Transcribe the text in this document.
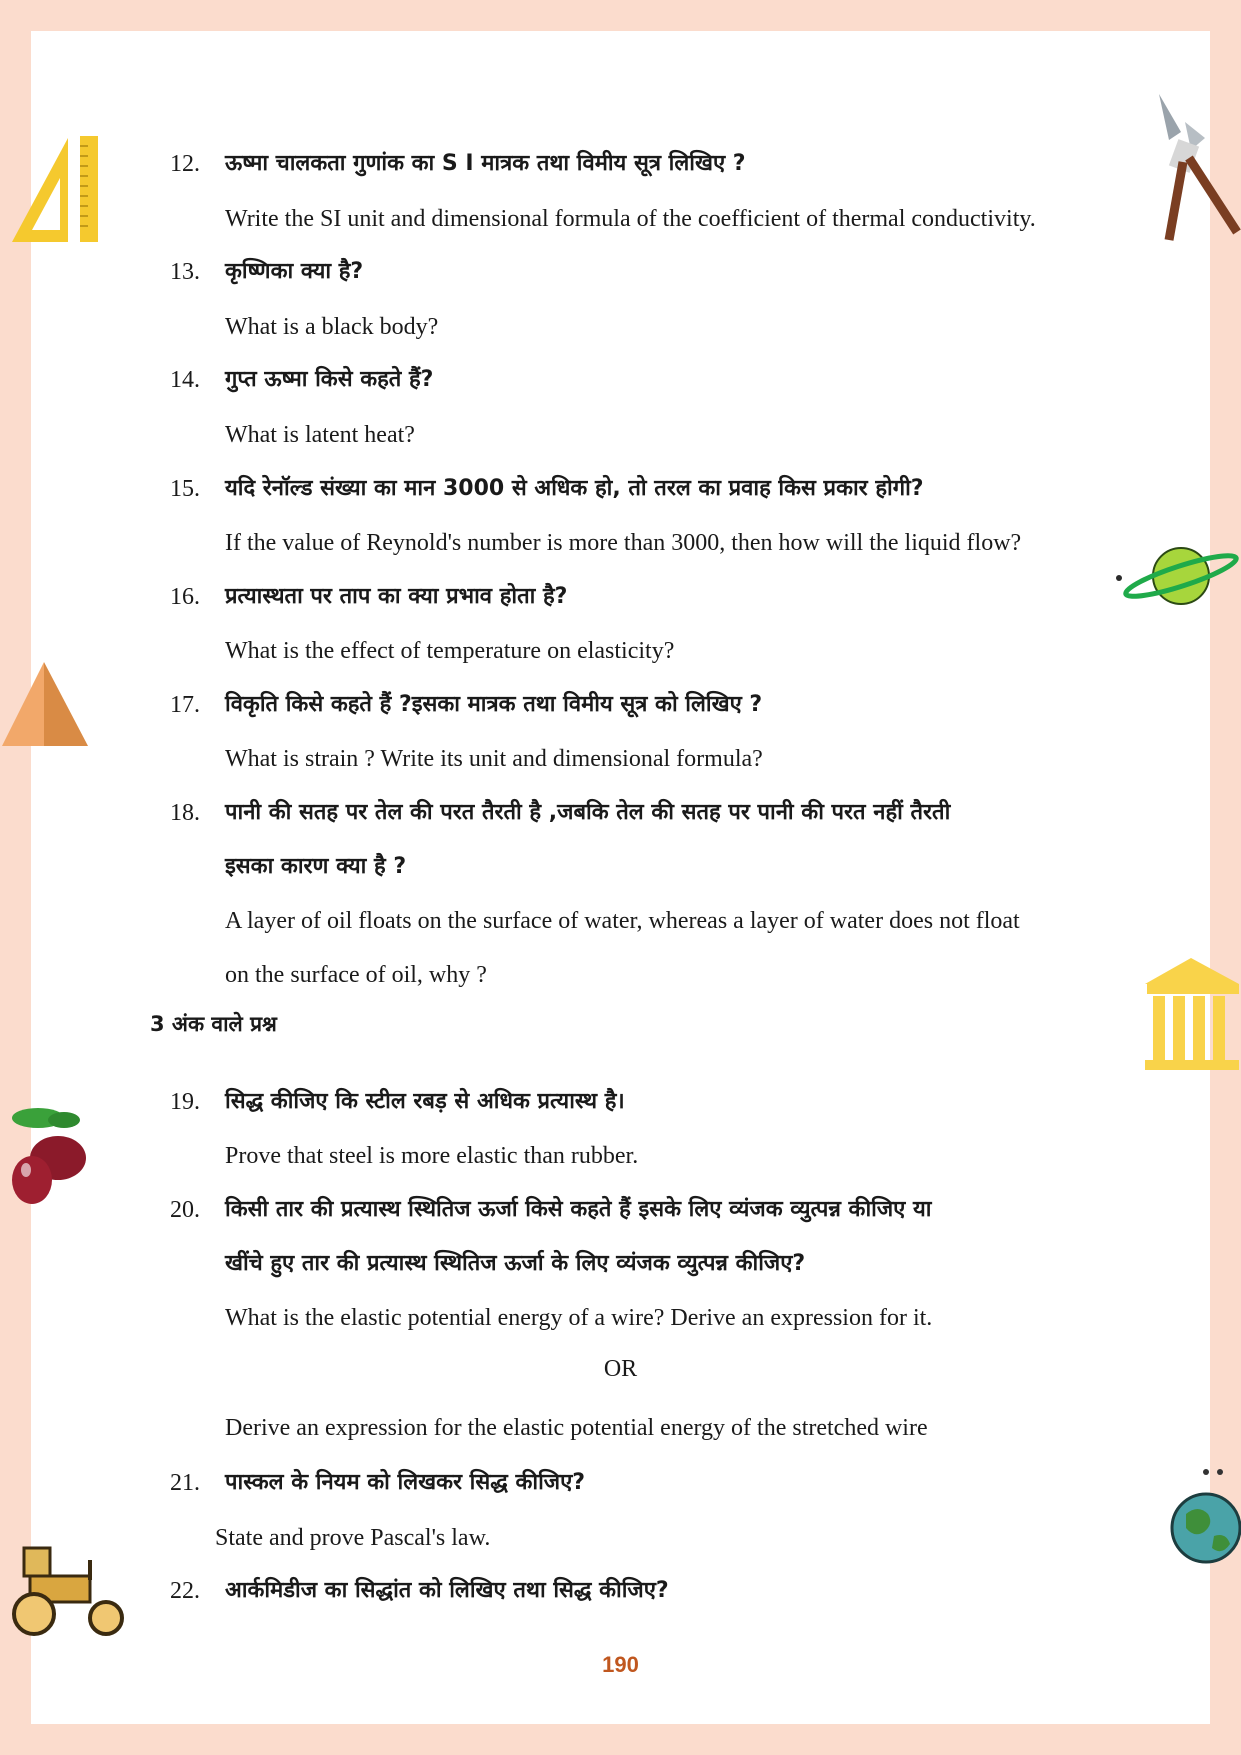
12. ऊष्मा चालकता गुणांक का S I मात्रक तथा विमीय सूत्र लिखिए ?
Write the SI unit and dimensional formula of the coefficient of thermal conductivity.
13. कृष्णिका क्या है?
What is a black body?
14. गुप्त ऊष्मा किसे कहते हैं?
What is latent heat?
15. यदि रेनॉल्ड संख्या का मान 3000 से अधिक हो, तो तरल का प्रवाह किस प्रकार होगी?
If the value of Reynold's number is more than 3000, then how will the liquid flow?
16. प्रत्यास्थता पर ताप का क्या प्रभाव होता है?
What is the effect of temperature on elasticity?
17. विकृति किसे कहते हैं ?इसका मात्रक तथा विमीय सूत्र को लिखिए ?
What is strain ? Write its unit and dimensional formula?
18. पानी की सतह पर तेल की परत तैरती है ,जबकि तेल की सतह पर पानी की परत नहीं तैरती
इसका कारण क्या है ?
A layer of oil floats on the surface of water, whereas a layer of water does not float
on the surface of oil, why ?
3 अंक वाले प्रश्न
19. सिद्ध कीजिए कि स्टील रबड़ से अधिक प्रत्यास्थ है।
Prove that steel is more elastic than rubber.
20. किसी तार की प्रत्यास्थ स्थितिज ऊर्जा किसे कहते हैं इसके लिए व्यंजक व्युत्पन्न कीजिए या
खींचे हुए तार की प्रत्यास्थ स्थितिज ऊर्जा के लिए व्यंजक व्युत्पन्न कीजिए?
What is the elastic potential energy of a wire? Derive an expression for it.
OR
Derive an expression for the elastic potential energy of the stretched wire
21. पास्कल के नियम को लिखकर सिद्ध कीजिए?
State and prove Pascal's law.
22. आर्कमिडीज का सिद्धांत को लिखिए तथा सिद्ध कीजिए?
190
